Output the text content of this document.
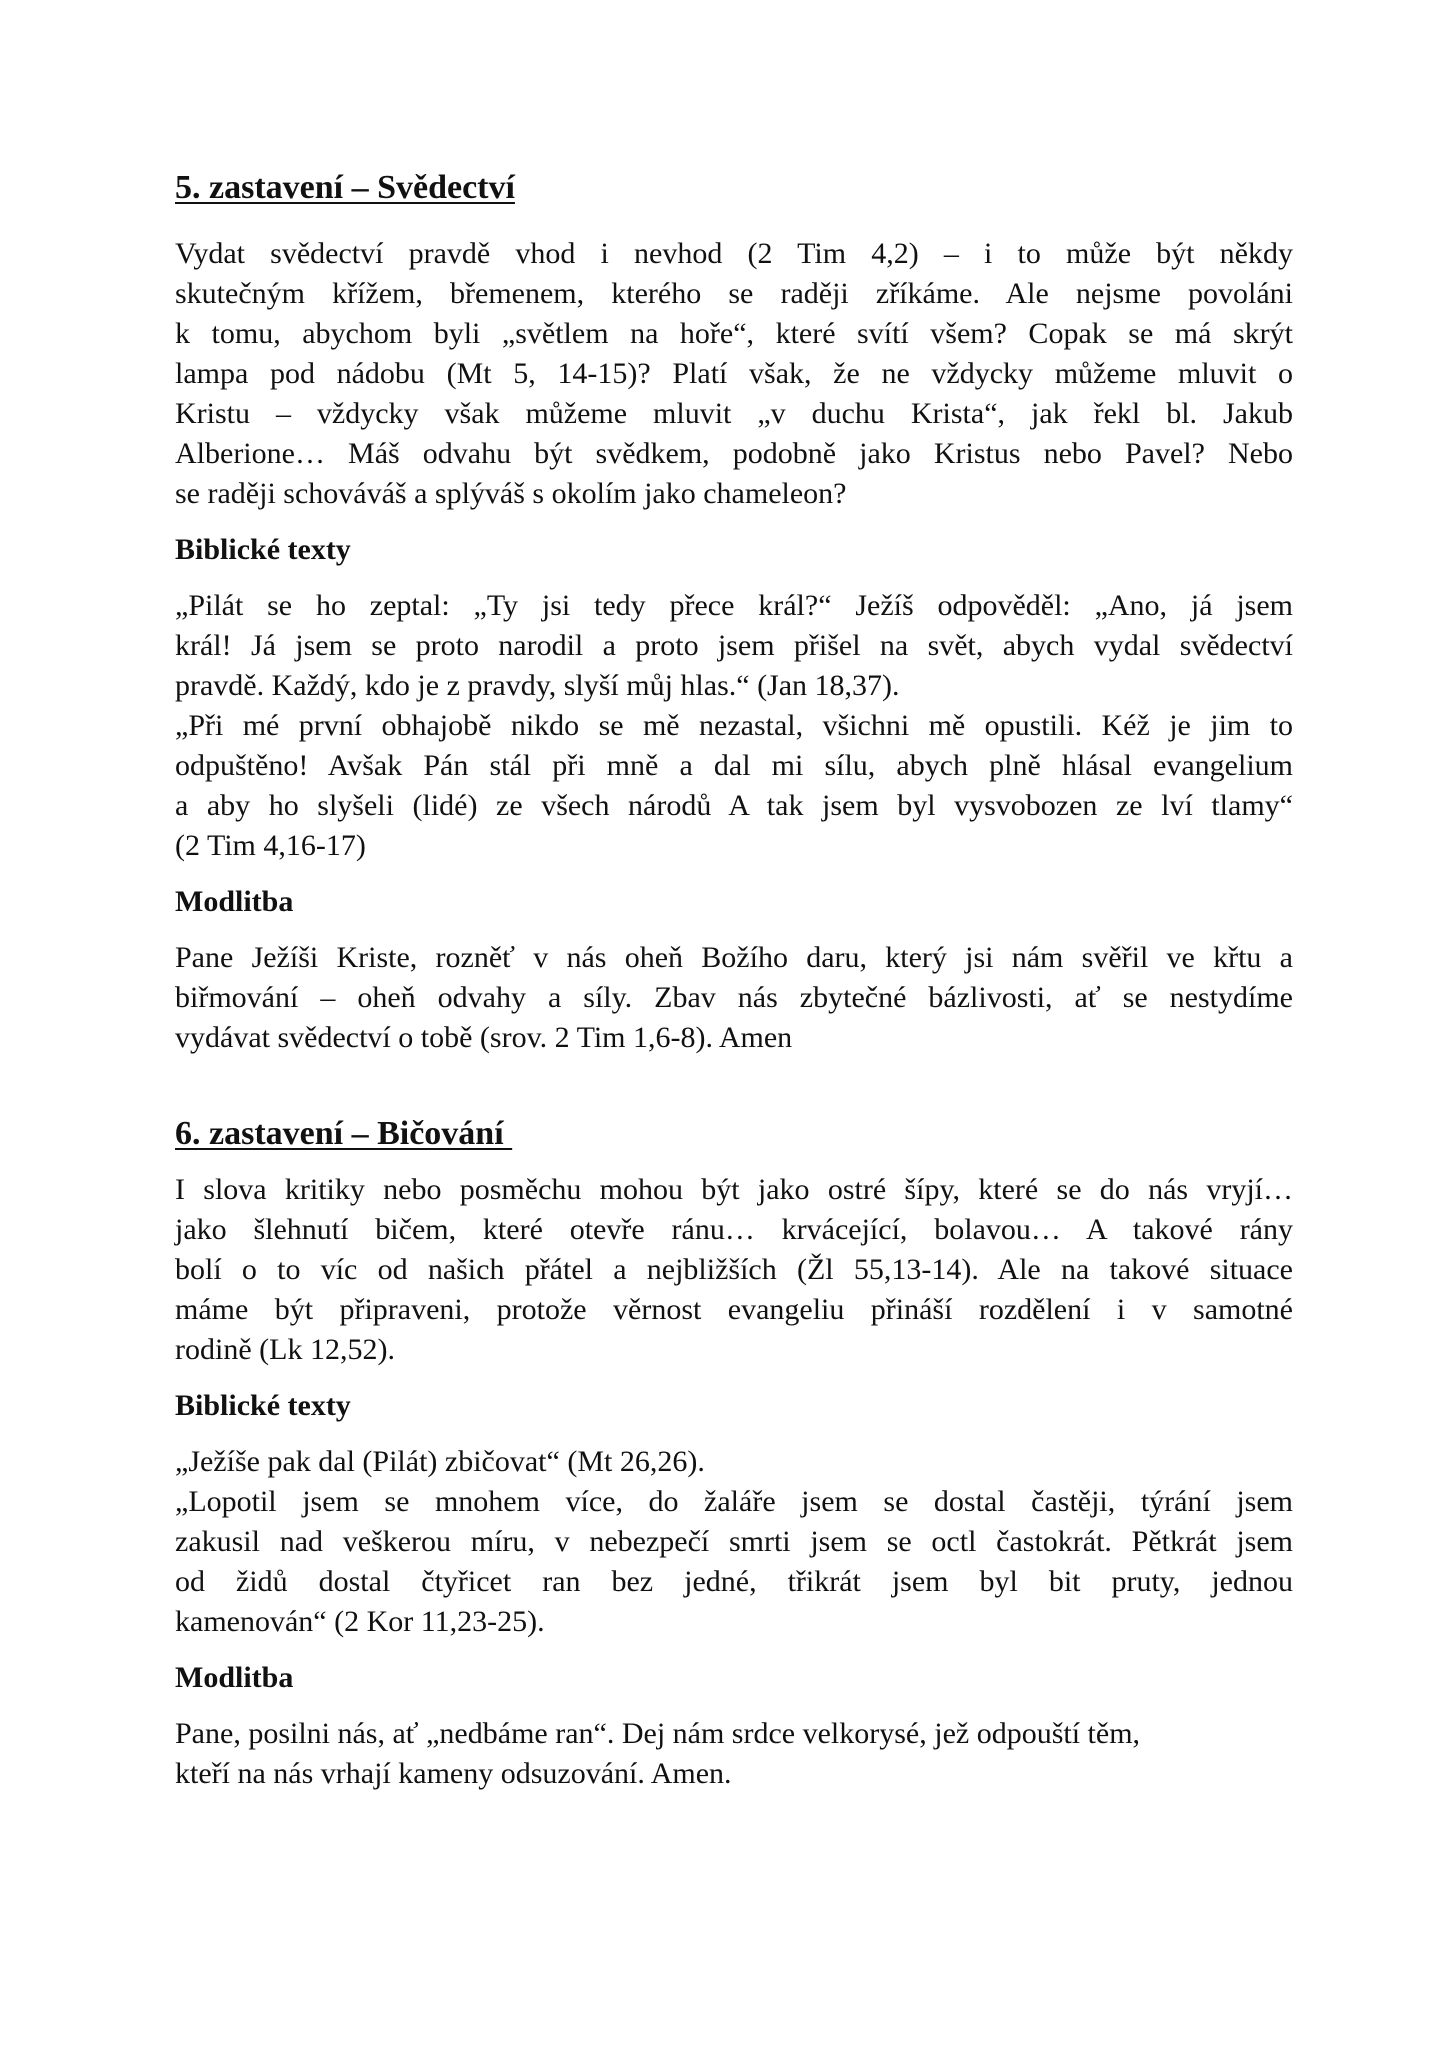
5. zastavení – Svědectví
Vydat svědectví pravdě vhod i nevhod (2 Tim 4,2) – i to může být někdy
skutečným křížem, břemenem, kterého se raději zříkáme. Ale nejsme povoláni
k tomu, abychom byli „světlem na hoře“, které svítí všem? Copak se má skrýt
lampa pod nádobu (Mt 5, 14-15)? Platí však, že ne vždycky můžeme mluvit o
Kristu – vždycky však můžeme mluvit „v duchu Krista“, jak řekl bl. Jakub
Alberione… Máš odvahu být svědkem, podobně jako Kristus nebo Pavel? Nebo
se raději schováváš a splýváš s okolím jako chameleon?
Biblické texty
„Pilát se ho zeptal: „Ty jsi tedy přece král?“ Ježíš odpověděl: „Ano, já jsem
král! Já jsem se proto narodil a proto jsem přišel na svět, abych vydal svědectví
pravdě. Každý, kdo je z pravdy, slyší můj hlas.“ (Jan 18,37).
„Při mé první obhajobě nikdo se mě nezastal, všichni mě opustili. Kéž je jim to
odpuštěno! Avšak Pán stál při mně a dal mi sílu, abych plně hlásal evangelium
a aby ho slyšeli (lidé) ze všech národů A tak jsem byl vysvobozen ze lví tlamy“
(2 Tim 4,16-17)
Modlitba
Pane Ježíši Kriste, rozněť v nás oheň Božího daru, který jsi nám svěřil ve křtu a
biřmování – oheň odvahy a síly. Zbav nás zbytečné bázlivosti, ať se nestydíme
vydávat svědectví o tobě (srov. 2 Tim 1,6-8). Amen
6. zastavení – Bičování
I slova kritiky nebo posměchu mohou být jako ostré šípy, které se do nás vryjí…
jako šlehnutí bičem, které otevře ránu… krvácející, bolavou… A takové rány
bolí o to víc od našich přátel a nejbližších (Žl 55,13-14). Ale na takové situace
máme být připraveni, protože věrnost evangeliu přináší rozdělení i v samotné
rodině (Lk 12,52).
Biblické texty
„Ježíše pak dal (Pilát) zbičovat“ (Mt 26,26).
„Lopotil jsem se mnohem více, do žaláře jsem se dostal častěji, týrání jsem
zakusil nad veškerou míru, v nebezpečí smrti jsem se octl častokrát. Pětkrát jsem
od židů dostal čtyřicet ran bez jedné, třikrát jsem byl bit pruty, jednou
kamenován“ (2 Kor 11,23-25).
Modlitba
Pane, posilni nás, ať „nedbáme ran“. Dej nám srdce velkorysé, jež odpouští těm,
kteří na nás vrhají kameny odsuzování. Amen.
